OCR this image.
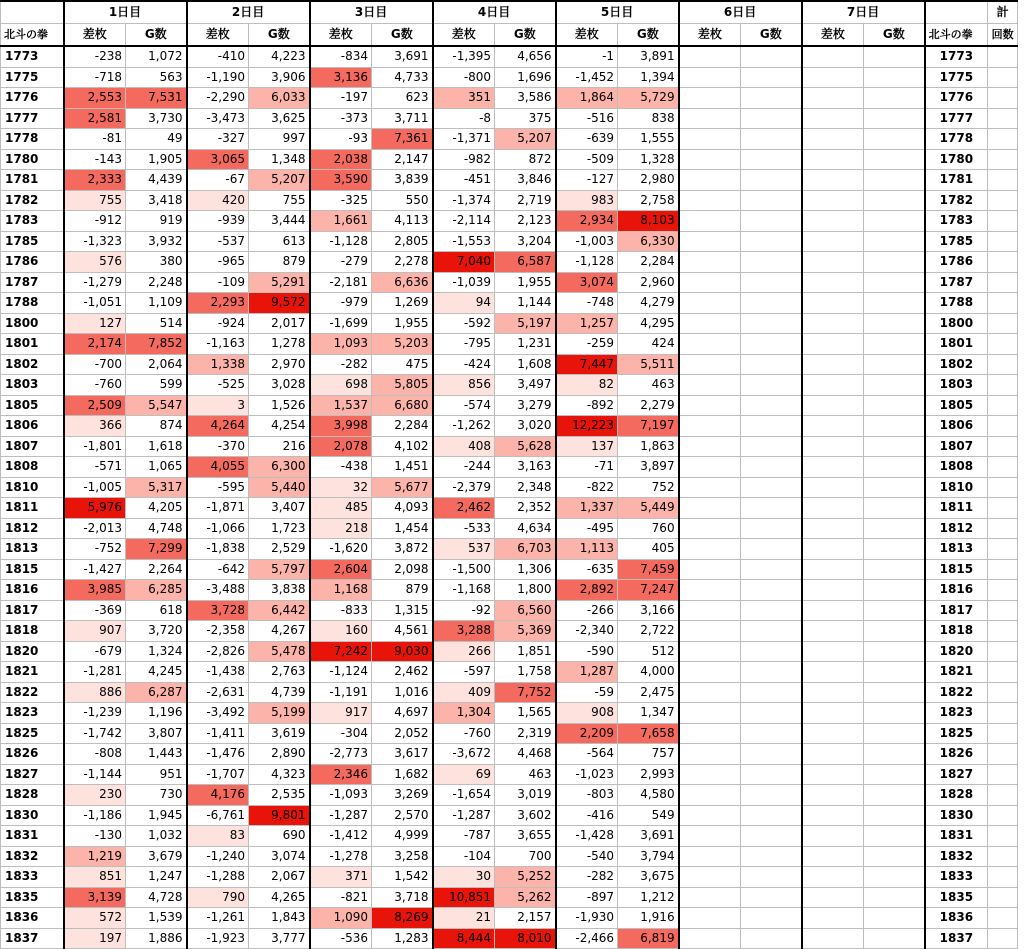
	1日目		2日目		3日目		4日目		5日目		6日目		7日目			計
北斗の拳	差枚	G数	差枚	G数	差枚	G数	差枚	G数	差枚	G数	差枚	G数	差枚	G数	北斗の拳	回数
1773	-238	1,072	-410	4,223	-834	3,691	-1,395	4,656	-1	3,891					1773	
1775	-718	563	-1,190	3,906	3,136	4,733	-800	1,696	-1,452	1,394					1775	
1776	2,553	7,531	-2,290	6,033	-197	623	351	3,586	1,864	5,729					1776	
1777	2,581	3,730	-3,473	3,625	-373	3,711	-8	375	-516	838					1777	
1778	-81	49	-327	997	-93	7,361	-1,371	5,207	-639	1,555					1778	
1780	-143	1,905	3,065	1,348	2,038	2,147	-982	872	-509	1,328					1780	
1781	2,333	4,439	-67	5,207	3,590	3,839	-451	3,846	-127	2,980					1781	
1782	755	3,418	420	755	-325	550	-1,374	2,719	983	2,758					1782	
1783	-912	919	-939	3,444	1,661	4,113	-2,114	2,123	2,934	8,103					1783	
1785	-1,323	3,932	-537	613	-1,128	2,805	-1,553	3,204	-1,003	6,330					1785	
1786	576	380	-965	879	-279	2,278	7,040	6,587	-1,128	2,284					1786	
1787	-1,279	2,248	-109	5,291	-2,181	6,636	-1,039	1,955	3,074	2,960					1787	
1788	-1,051	1,109	2,293	9,572	-979	1,269	94	1,144	-748	4,279					1788	
1800	127	514	-924	2,017	-1,699	1,955	-592	5,197	1,257	4,295					1800	
1801	2,174	7,852	-1,163	1,278	1,093	5,203	-795	1,231	-259	424					1801	
1802	-700	2,064	1,338	2,970	-282	475	-424	1,608	7,447	5,511					1802	
1803	-760	599	-525	3,028	698	5,805	856	3,497	82	463					1803	
1805	2,509	5,547	3	1,526	1,537	6,680	-574	3,279	-892	2,279					1805	
1806	366	874	4,264	4,254	3,998	2,284	-1,262	3,020	12,223	7,197					1806	
1807	-1,801	1,618	-370	216	2,078	4,102	408	5,628	137	1,863					1807	
1808	-571	1,065	4,055	6,300	-438	1,451	-244	3,163	-71	3,897					1808	
1810	-1,005	5,317	-595	5,440	32	5,677	-2,379	2,348	-822	752					1810	
1811	5,976	4,205	-1,871	3,407	485	4,093	2,462	2,352	1,337	5,449					1811	
1812	-2,013	4,748	-1,066	1,723	218	1,454	-533	4,634	-495	760					1812	
1813	-752	7,299	-1,838	2,529	-1,620	3,872	537	6,703	1,113	405					1813	
1815	-1,427	2,264	-642	5,797	2,604	2,098	-1,500	1,306	-635	7,459					1815	
1816	3,985	6,285	-3,488	3,838	1,168	879	-1,168	1,800	2,892	7,247					1816	
1817	-369	618	3,728	6,442	-833	1,315	-92	6,560	-266	3,166					1817	
1818	907	3,720	-2,358	4,267	160	4,561	3,288	5,369	-2,340	2,722					1818	
1820	-679	1,324	-2,826	5,478	7,242	9,030	266	1,851	-590	512					1820	
1821	-1,281	4,245	-1,438	2,763	-1,124	2,462	-597	1,758	1,287	4,000					1821	
1822	886	6,287	-2,631	4,739	-1,191	1,016	409	7,752	-59	2,475					1822	
1823	-1,239	1,196	-3,492	5,199	917	4,697	1,304	1,565	908	1,347					1823	
1825	-1,742	3,807	-1,411	3,619	-304	2,052	-760	2,319	2,209	7,658					1825	
1826	-808	1,443	-1,476	2,890	-2,773	3,617	-3,672	4,468	-564	757					1826	
1827	-1,144	951	-1,707	4,323	2,346	1,682	69	463	-1,023	2,993					1827	
1828	230	730	4,176	2,535	-1,093	3,269	-1,654	3,019	-803	4,580					1828	
1830	-1,186	1,945	-6,761	9,801	-1,287	2,570	-1,287	3,602	-416	549					1830	
1831	-130	1,032	83	690	-1,412	4,999	-787	3,655	-1,428	3,691					1831	
1832	1,219	3,679	-1,240	3,074	-1,278	3,258	-104	700	-540	3,794					1832	
1833	851	1,247	-1,288	2,067	371	1,542	30	5,252	-282	3,675					1833	
1835	3,139	4,728	790	4,265	-821	3,718	10,851	5,262	-897	1,212					1835	
1836	572	1,539	-1,261	1,843	1,090	8,269	21	2,157	-1,930	1,916					1836	
1837	197	1,886	-1,923	3,777	-536	1,283	8,444	8,010	-2,466	6,819					1837	
